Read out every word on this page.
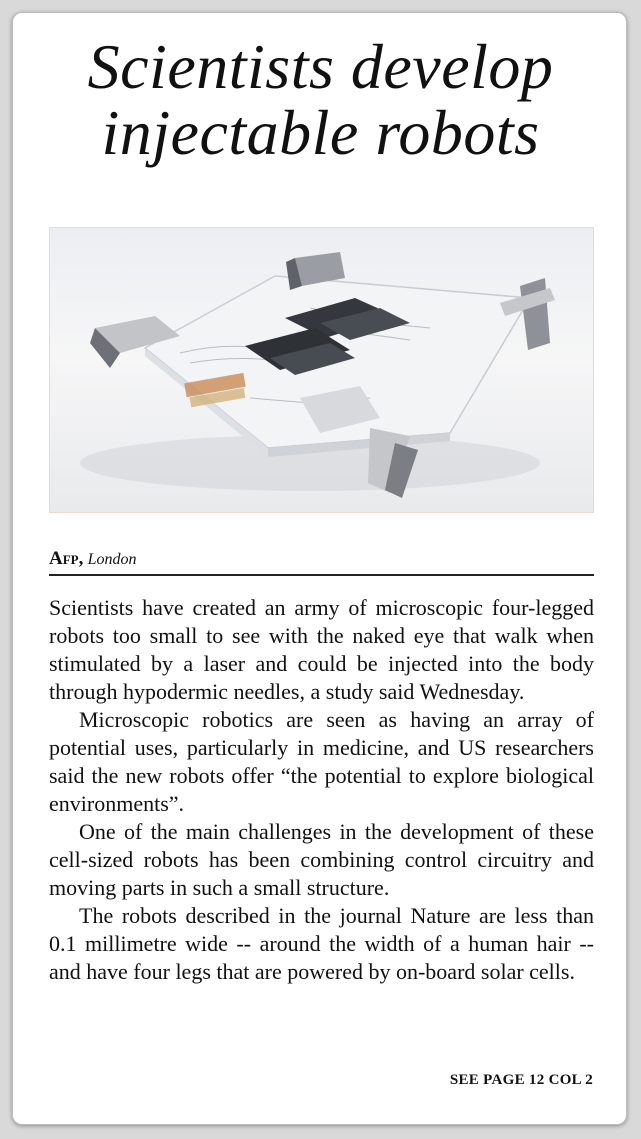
Scientists develop
injectable robots
Afp, London

Scientists have created an army of microscopic four-legged robots too small to see with the naked eye that walk when stimulated by a laser and could be injected into the body through hypodermic needles, a study said Wednesday.

Microscopic robotics are seen as having an array of potential uses, particularly in medicine, and US researchers said the new robots offer “the potential to explore biological environments”.

One of the main challenges in the development of these cell-sized robots has been combining control circuitry and moving parts in such a small structure.

The robots described in the journal Nature are less than 0.1 millimetre wide -- around the width of a human hair -- and have four legs that are powered by on-board solar cells.

SEE PAGE 12 COL 2
